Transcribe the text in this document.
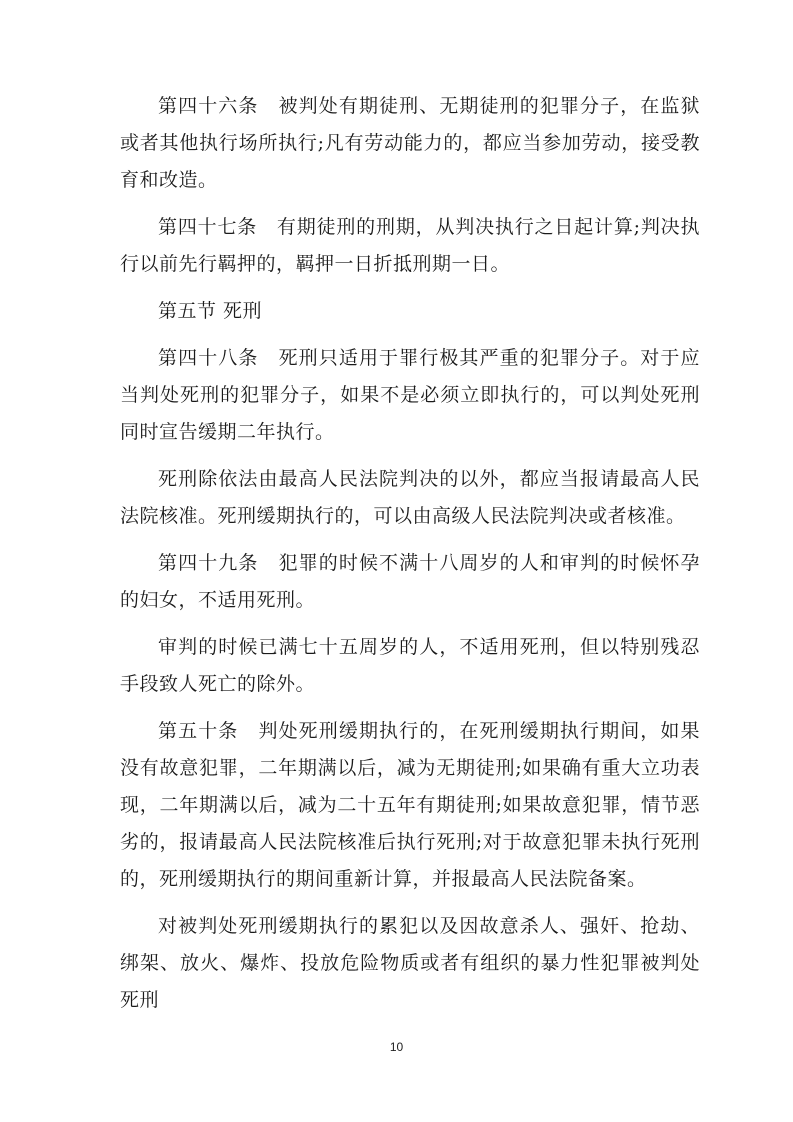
第四十六条　被判处有期徒刑、无期徒刑的犯罪分子，在监狱或者其他执行场所执行;凡有劳动能力的，都应当参加劳动，接受教育和改造。

第四十七条　有期徒刑的刑期，从判决执行之日起计算;判决执行以前先行羁押的，羁押一日折抵刑期一日。

第五节 死刑

第四十八条　死刑只适用于罪行极其严重的犯罪分子。对于应当判处死刑的犯罪分子，如果不是必须立即执行的，可以判处死刑同时宣告缓期二年执行。

死刑除依法由最高人民法院判决的以外，都应当报请最高人民法院核准。死刑缓期执行的，可以由高级人民法院判决或者核准。

第四十九条　犯罪的时候不满十八周岁的人和审判的时候怀孕的妇女，不适用死刑。

审判的时候已满七十五周岁的人，不适用死刑，但以特别残忍手段致人死亡的除外。

第五十条　判处死刑缓期执行的，在死刑缓期执行期间，如果没有故意犯罪，二年期满以后，减为无期徒刑;如果确有重大立功表现，二年期满以后，减为二十五年有期徒刑;如果故意犯罪，情节恶劣的，报请最高人民法院核准后执行死刑;对于故意犯罪未执行死刑的，死刑缓期执行的期间重新计算，并报最高人民法院备案。

对被判处死刑缓期执行的累犯以及因故意杀人、强奸、抢劫、绑架、放火、爆炸、投放危险物质或者有组织的暴力性犯罪被判处死刑

10
